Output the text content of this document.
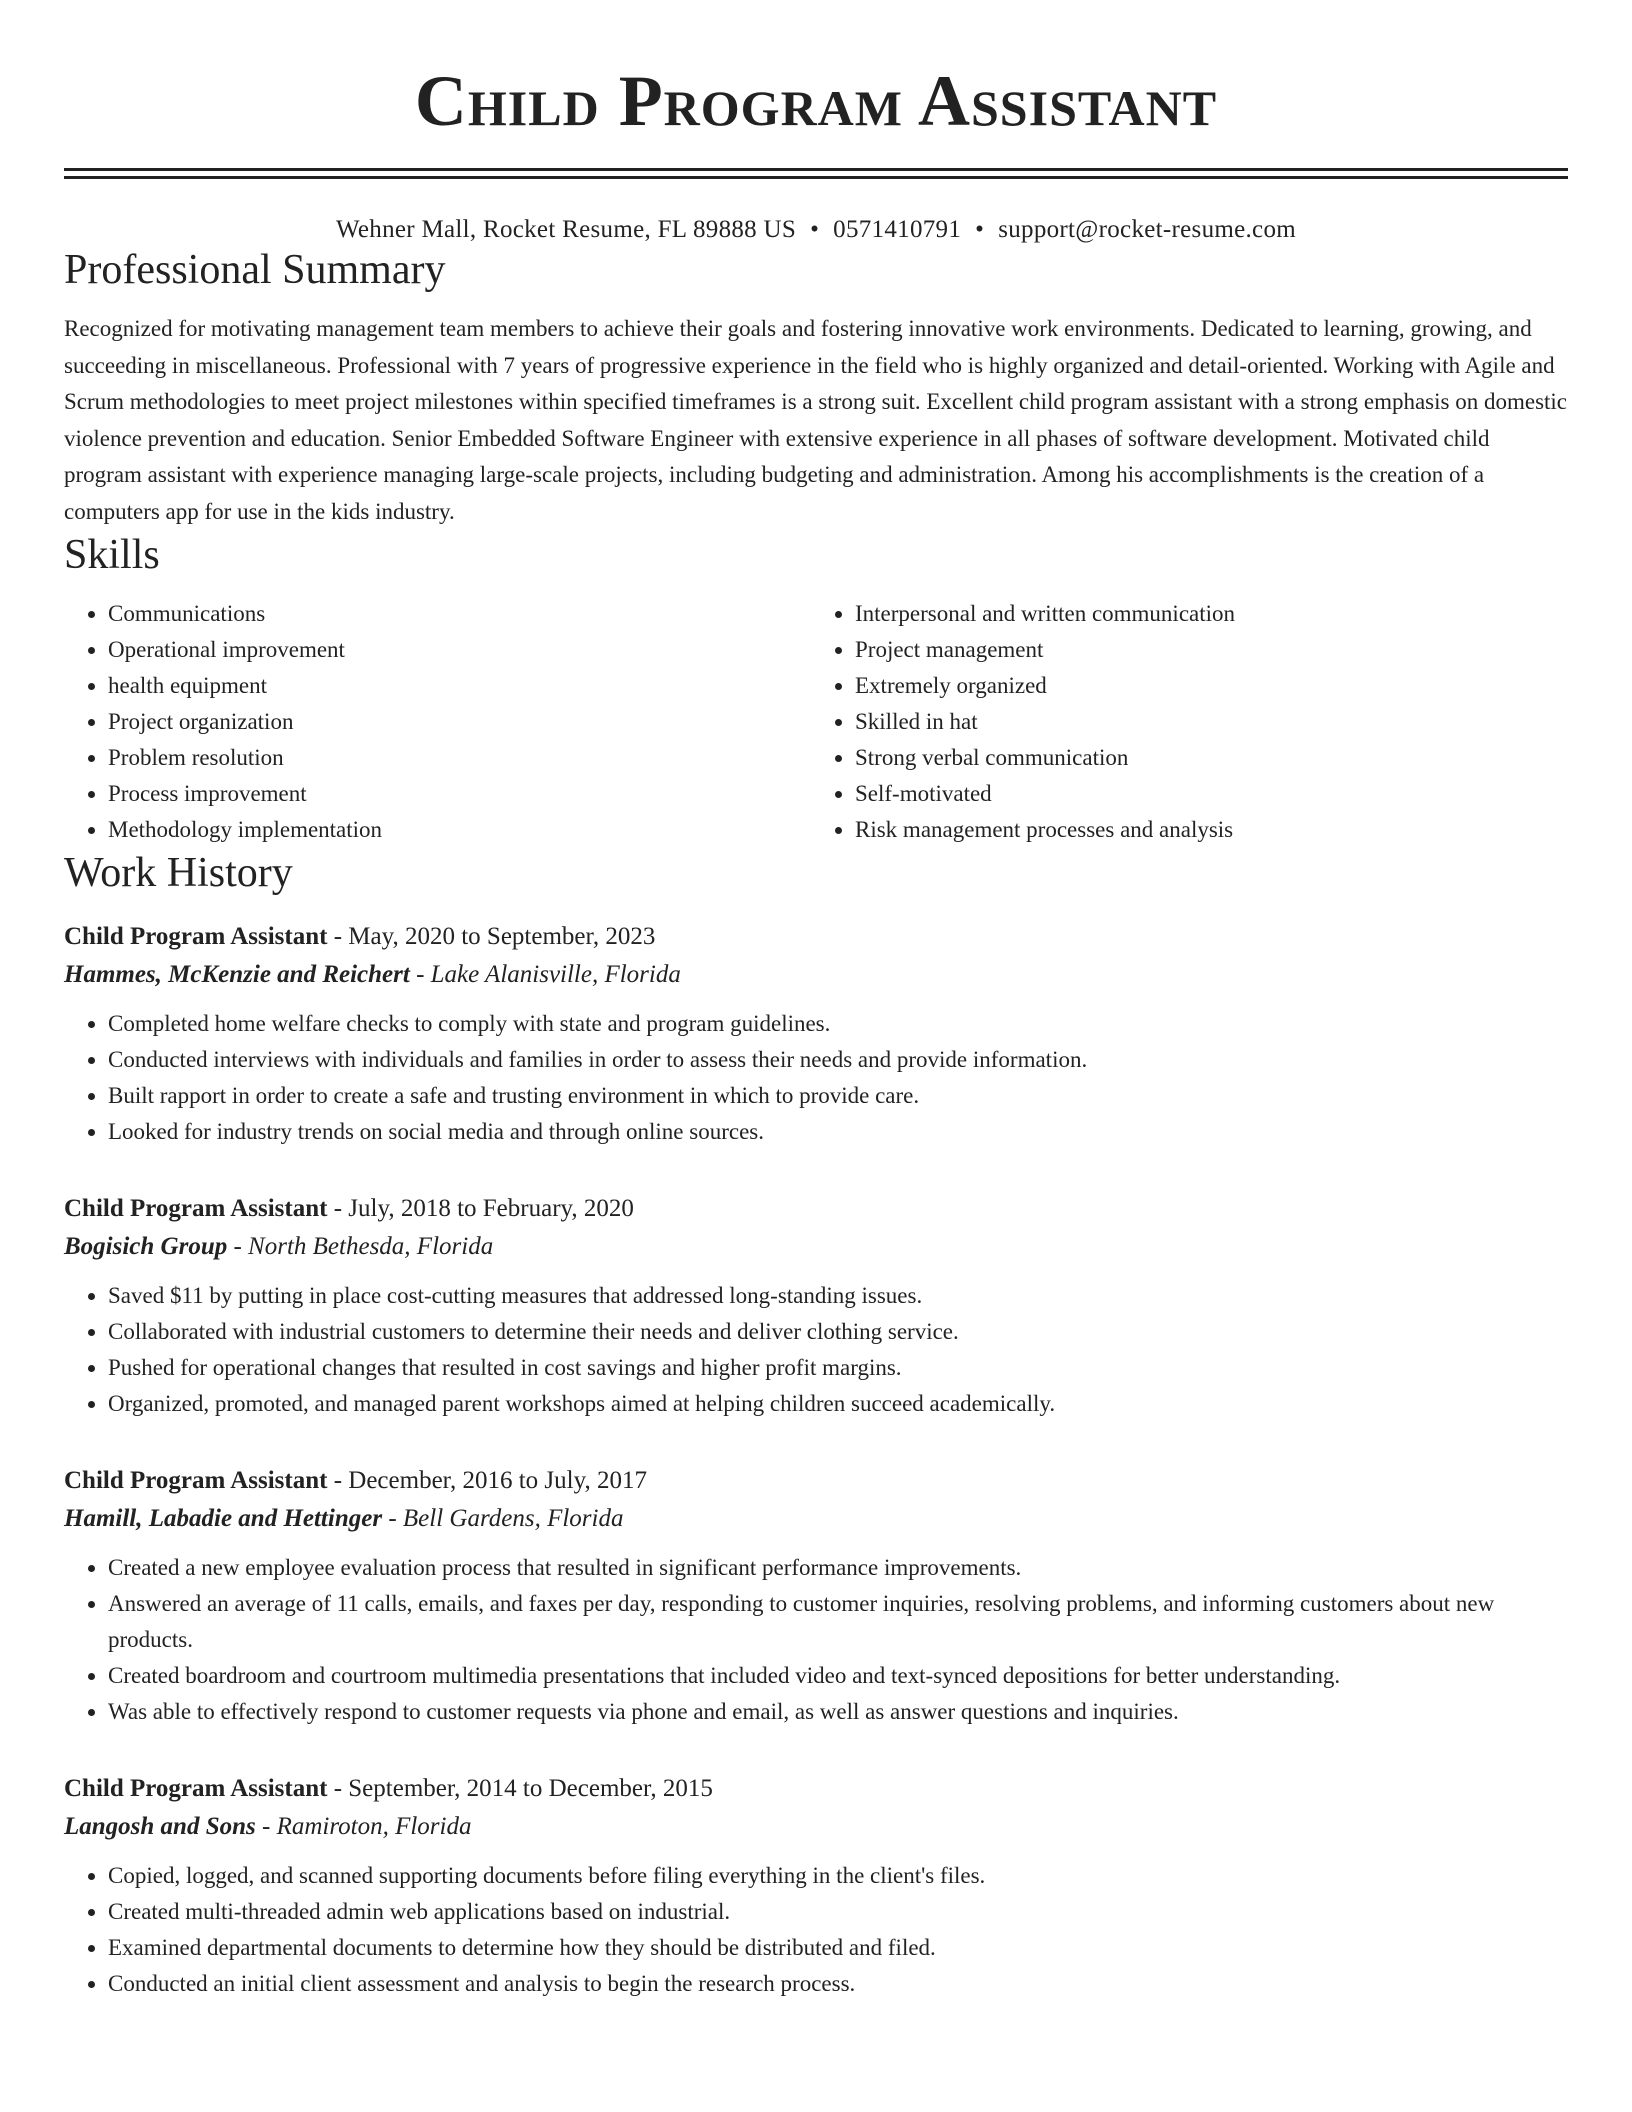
Child Program Assistant
Wehner Mall, Rocket Resume, FL 89888 US • 0571410791 • support@rocket-resume.com
Professional Summary

Recognized for motivating management team members to achieve their goals and fostering innovative work environments. Dedicated to learning, growing, and succeeding in miscellaneous. Professional with 7 years of progressive experience in the field who is highly organized and detail-oriented. Working with Agile and Scrum methodologies to meet project milestones within specified timeframes is a strong suit. Excellent child program assistant with a strong emphasis on domestic violence prevention and education. Senior Embedded Software Engineer with extensive experience in all phases of software development. Motivated child program assistant with experience managing large-scale projects, including budgeting and administration. Among his accomplishments is the creation of a computers app for use in the kids industry.

Skills
• Communications
• Operational improvement
• health equipment
• Project organization
• Problem resolution
• Process improvement
• Methodology implementation
• Interpersonal and written communication
• Project management
• Extremely organized
• Skilled in hat
• Strong verbal communication
• Self-motivated
• Risk management processes and analysis
Work History
Child Program Assistant - May, 2020 to September, 2023
Hammes, McKenzie and Reichert - Lake Alanisville, Florida
• Completed home welfare checks to comply with state and program guidelines.
• Conducted interviews with individuals and families in order to assess their needs and provide information.
• Built rapport in order to create a safe and trusting environment in which to provide care.
• Looked for industry trends on social media and through online sources.
Child Program Assistant - July, 2018 to February, 2020
Bogisich Group - North Bethesda, Florida
• Saved $11 by putting in place cost-cutting measures that addressed long-standing issues.
• Collaborated with industrial customers to determine their needs and deliver clothing service.
• Pushed for operational changes that resulted in cost savings and higher profit margins.
• Organized, promoted, and managed parent workshops aimed at helping children succeed academically.
Child Program Assistant - December, 2016 to July, 2017
Hamill, Labadie and Hettinger - Bell Gardens, Florida
• Created a new employee evaluation process that resulted in significant performance improvements.
• Answered an average of 11 calls, emails, and faxes per day, responding to customer inquiries, resolving problems, and informing customers about new products.
• Created boardroom and courtroom multimedia presentations that included video and text-synced depositions for better understanding.
• Was able to effectively respond to customer requests via phone and email, as well as answer questions and inquiries.
Child Program Assistant - September, 2014 to December, 2015
Langosh and Sons - Ramiroton, Florida
• Copied, logged, and scanned supporting documents before filing everything in the client's files.
• Created multi-threaded admin web applications based on industrial.
• Examined departmental documents to determine how they should be distributed and filed.
• Conducted an initial client assessment and analysis to begin the research process.
